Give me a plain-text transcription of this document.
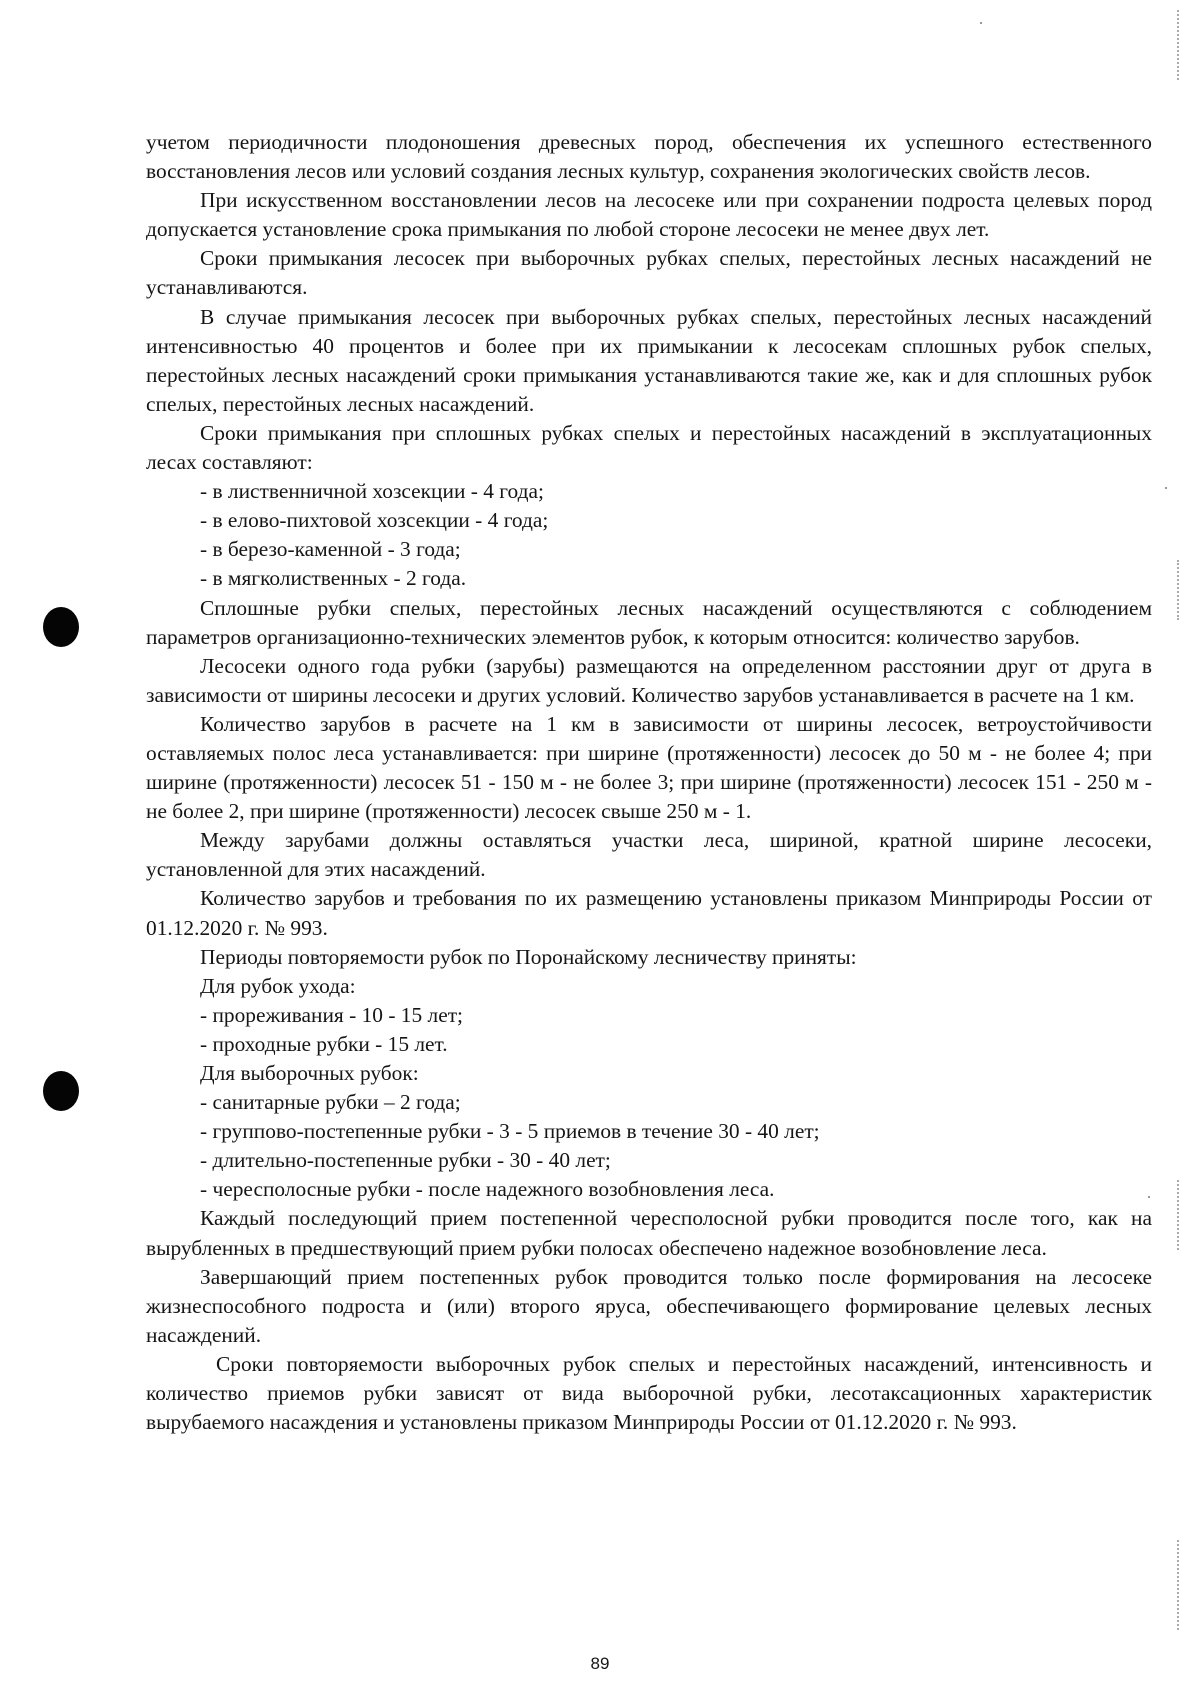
учетом периодичности плодоношения древесных пород, обеспечения их успешного естественного восстановления лесов или условий создания лесных культур, сохранения экологических свойств лесов.

При искусственном восстановлении лесов на лесосеке или при сохранении подроста целевых пород допускается установление срока примыкания по любой стороне лесосеки не менее двух лет.

Сроки примыкания лесосек при выборочных рубках спелых, перестойных лесных насаждений не устанавливаются.

В случае примыкания лесосек при выборочных рубках спелых, перестойных лесных насаждений интенсивностью 40 процентов и более при их примыкании к лесосекам сплошных рубок спелых, перестойных лесных насаждений сроки примыкания устанавливаются такие же, как и для сплошных рубок спелых, перестойных лесных насаждений.

Сроки примыкания при сплошных рубках спелых и перестойных насаждений в эксплуатационных лесах составляют:

- в лиственничной хозсекции - 4 года;

- в елово-пихтовой хозсекции - 4 года;

- в березо-каменной - 3 года;

- в мягколиственных - 2 года.

Сплошные рубки спелых, перестойных лесных насаждений осуществляются с соблюдением параметров организационно-технических элементов рубок, к которым относится: количество зарубов.

Лесосеки одного года рубки (зарубы) размещаются на определенном расстоянии друг от друга в зависимости от ширины лесосеки и других условий. Количество зарубов устанавливается в расчете на 1 км.

Количество зарубов в расчете на 1 км в зависимости от ширины лесосек, ветроустойчивости оставляемых полос леса устанавливается: при ширине (протяженности) лесосек до 50 м - не более 4; при ширине (протяженности) лесосек 51 - 150 м - не более 3; при ширине (протяженности) лесосек 151 - 250 м - не более 2, при ширине (протяженности) лесосек свыше 250 м - 1.

Между зарубами должны оставляться участки леса, шириной, кратной ширине лесосеки, установленной для этих насаждений.

Количество зарубов и требования по их размещению установлены приказом Минприроды России от 01.12.2020 г. № 993.

Периоды повторяемости рубок по Поронайскому лесничеству приняты:

Для рубок ухода:

- прореживания - 10 - 15 лет;

- проходные рубки - 15 лет.

Для выборочных рубок:

- санитарные рубки – 2 года;

- группово-постепенные рубки - 3 - 5 приемов в течение 30 - 40 лет;

- длительно-постепенные рубки - 30 - 40 лет;

- чересполосные рубки - после надежного возобновления леса.

Каждый последующий прием постепенной чересполосной рубки проводится после того, как на вырубленных в предшествующий прием рубки полосах обеспечено надежное возобновление леса.

Завершающий прием постепенных рубок проводится только после формирования на лесосеке жизнеспособного подроста и (или) второго яруса, обеспечивающего формирование целевых лесных насаждений.

Сроки повторяемости выборочных рубок спелых и перестойных насаждений, интенсивность и количество приемов рубки зависят от вида выборочной рубки, лесотаксационных характеристик вырубаемого насаждения и установлены приказом Минприроды России от 01.12.2020 г. № 993.

89
